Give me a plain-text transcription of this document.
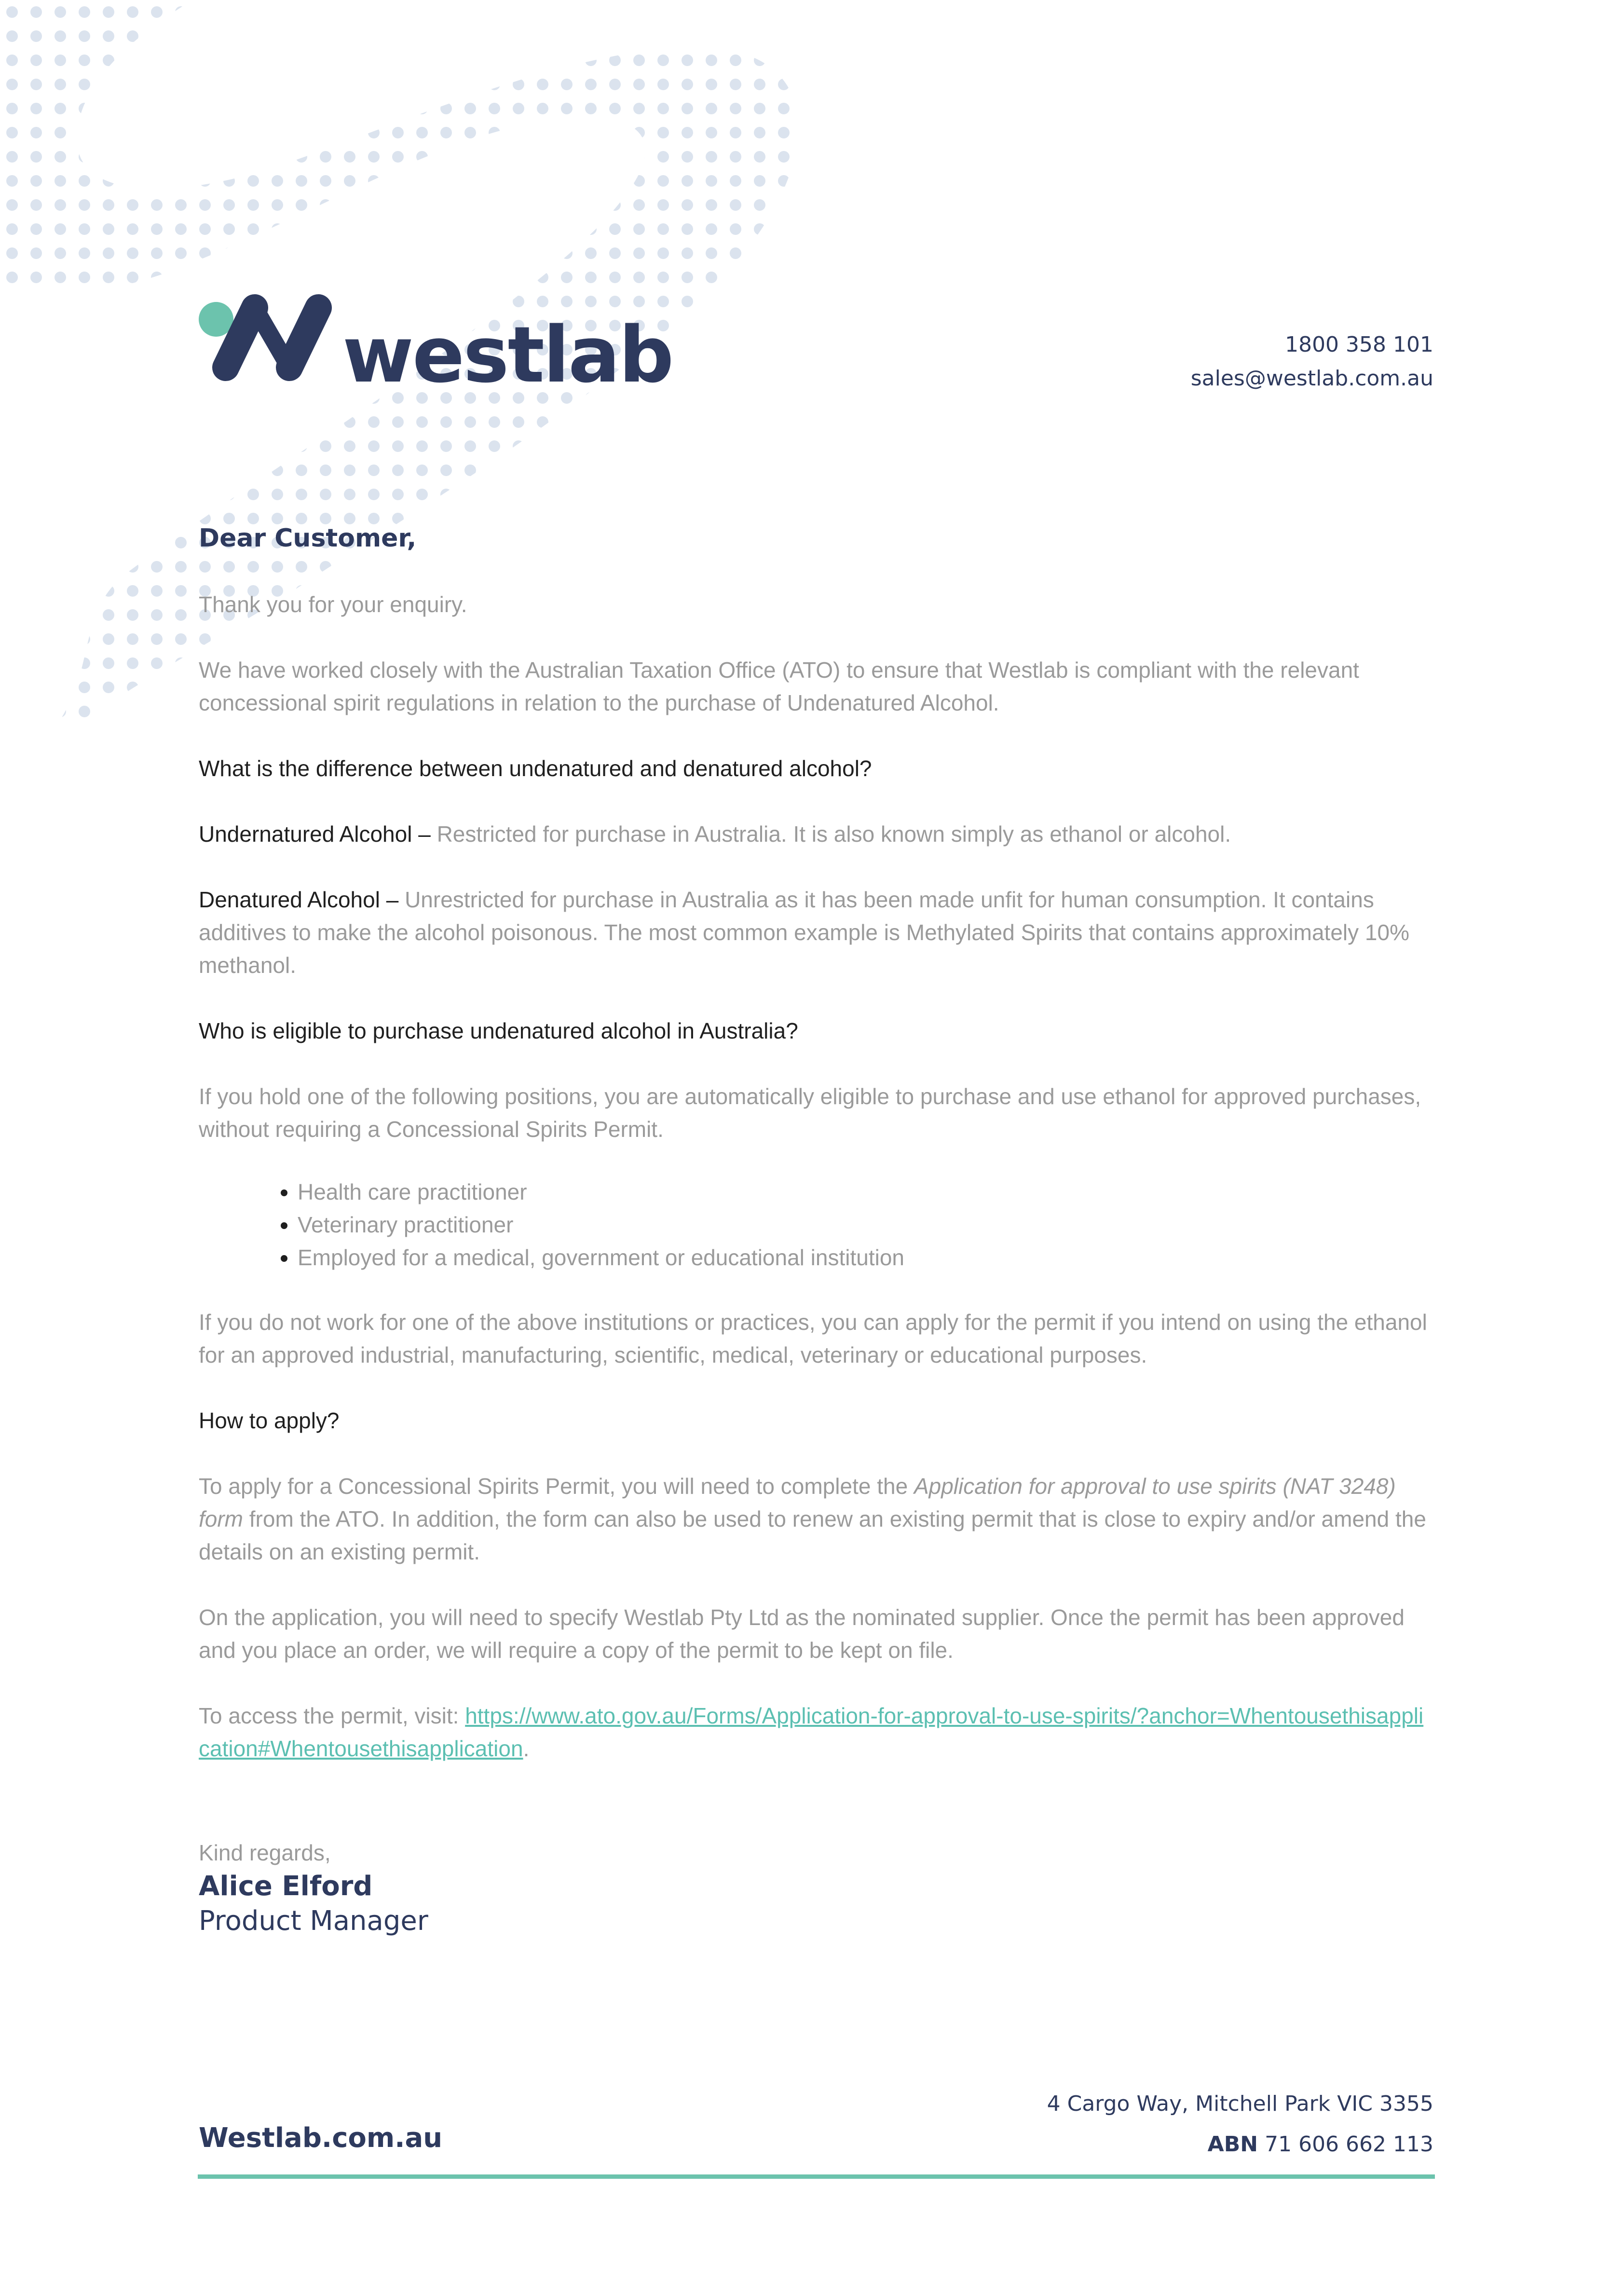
westlab	1800 358 101
sales@westlab.com.au
Dear Customer,

Thank you for your enquiry.

We have worked closely with the Australian Taxation Office (ATO) to ensure that Westlab is compliant with the relevant concessional spirit regulations in relation to the purchase of Undenatured Alcohol.

What is the difference between undenatured and denatured alcohol?

Undernatured Alcohol – Restricted for purchase in Australia. It is also known simply as ethanol or alcohol.

Denatured Alcohol – Unrestricted for purchase in Australia as it has been made unfit for human consumption. It contains additives to make the alcohol poisonous. The most common example is Methylated Spirits that contains approximately 10% methanol.

Who is eligible to purchase undenatured alcohol in Australia?

If you hold one of the following positions, you are automatically eligible to purchase and use ethanol for approved purchases, without requiring a Concessional Spirits Permit.

• Health care practitioner
• Veterinary practitioner
• Employed for a medical, government or educational institution

If you do not work for one of the above institutions or practices, you can apply for the permit if you intend on using the ethanol for an approved industrial, manufacturing, scientific, medical, veterinary or educational purposes.

How to apply?

To apply for a Concessional Spirits Permit, you will need to complete the Application for approval to use spirits (NAT 3248) form from the ATO. In addition, the form can also be used to renew an existing permit that is close to expiry and/or amend the details on an existing permit.

On the application, you will need to specify Westlab Pty Ltd as the nominated supplier. Once the permit has been approved and you place an order, we will require a copy of the permit to be kept on file.

To access the permit, visit: https://www.ato.gov.au/Forms/Application-for-approval-to-use-spirits/?anchor=Whentousethisapplication#Whentousethisapplication.

Kind regards,
Alice Elford
Product Manager
4 Cargo Way, Mitchell Park VIC 3355
ABN 71 606 662 113
Westlab.com.au
